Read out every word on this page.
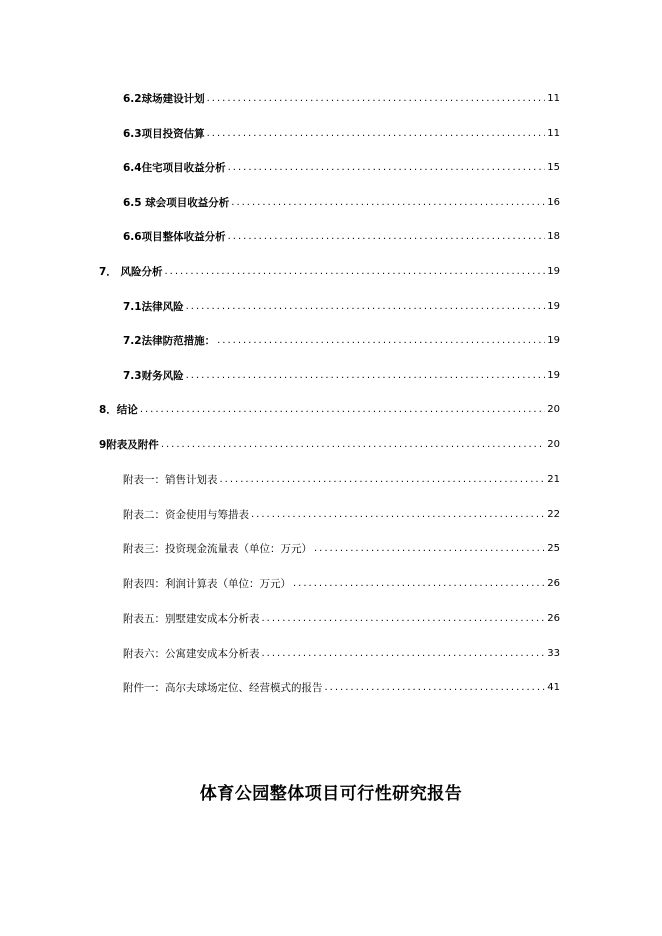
6.2球场建设计划 .....	11
6.3项目投资估算 .....	11
6.4住宅项目收益分析 .....	15
6.5 球会项目收益分析 .....	16
6.6项目整体收益分析 .....	18
7． 风险分析 .....	19
7.1法律风险 .....	19
7.2法律防范措施： .....	19
7.3财务风险 .....	19
8．结论 .....	20
9附表及附件 .....	20
附表一：销售计划表 .....	21
附表二：资金使用与筹措表 .....	22
附表三：投资现金流量表（单位：万元） .....	25
附表四：利润计算表（单位：万元） .....	26
附表五：别墅建安成本分析表 .....	26
附表六：公寓建安成本分析表 .....	33
附件一：高尔夫球场定位、经营模式的报告 .....	41
体育公园整体项目可行性研究报告
